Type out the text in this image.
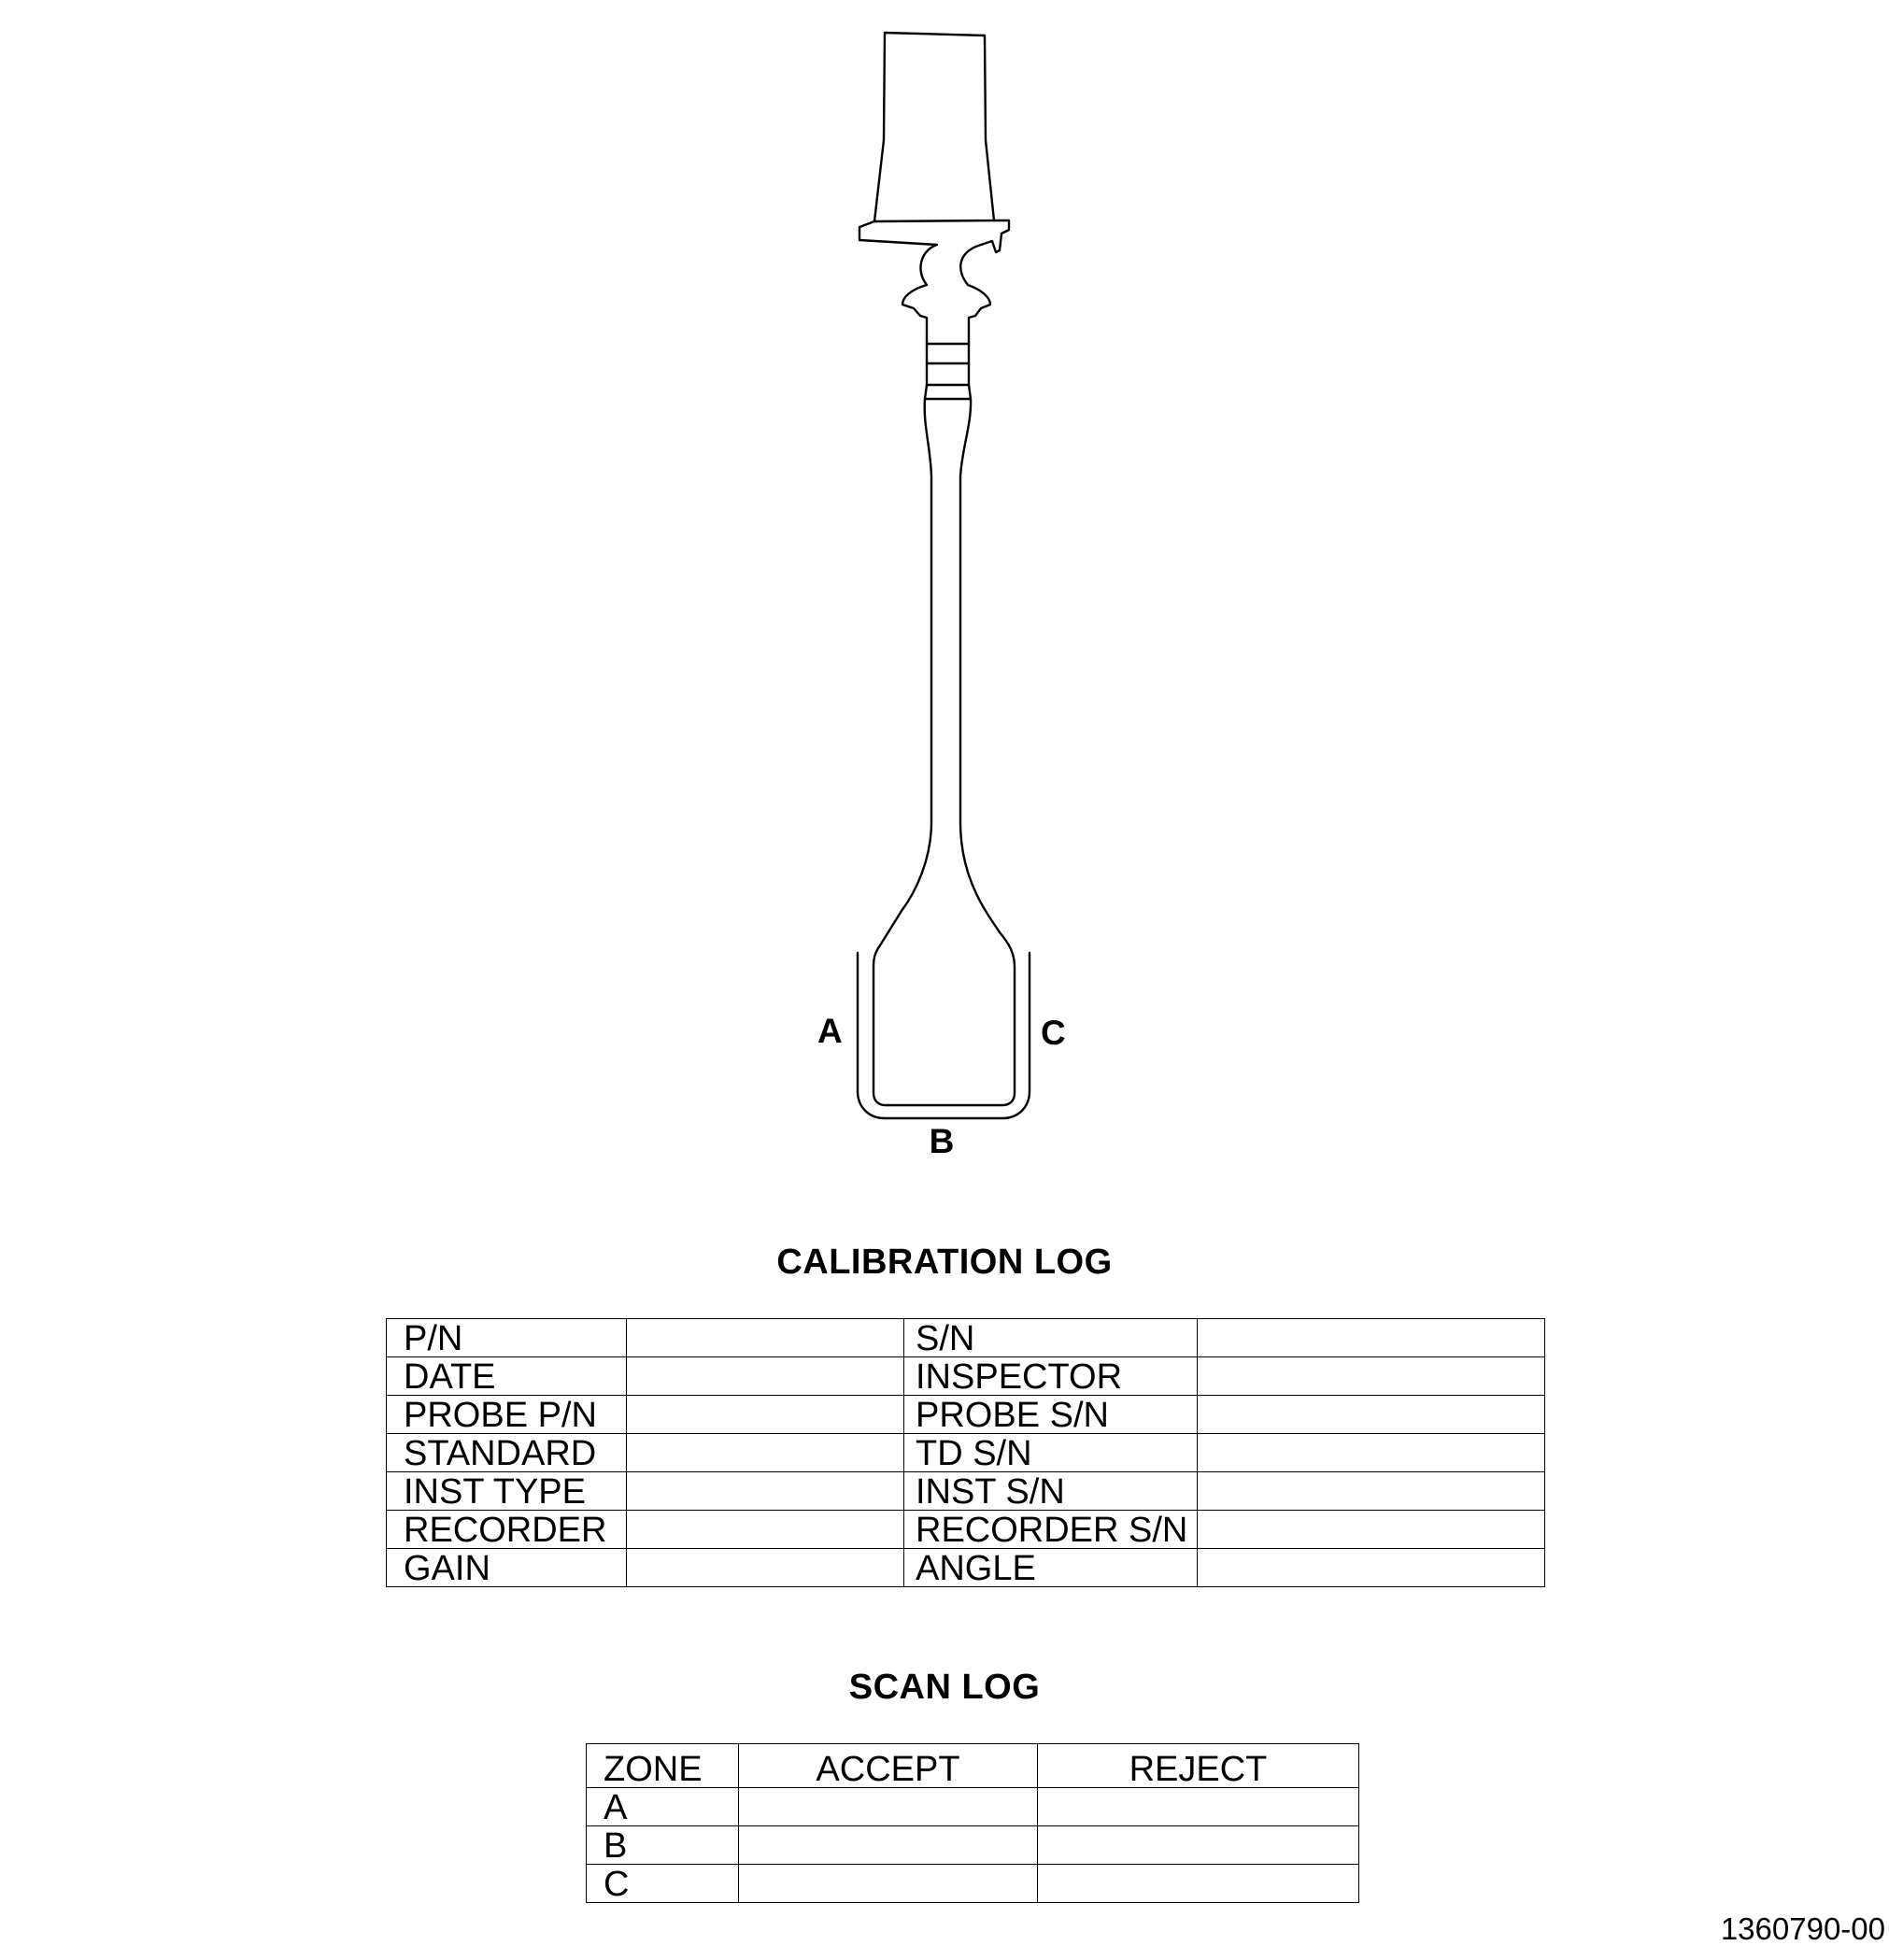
A	C
B
CALIBRATION LOG
P/N		S/N	
DATE		INSPECTOR	
PROBE P/N		PROBE S/N	
STANDARD		TD S/N	
INST TYPE		INST S/N	
RECORDER		RECORDER S/N	
GAIN		ANGLE	
SCAN LOG
ZONE	ACCEPT	REJECT
A		
B		
C		
1360790-00
